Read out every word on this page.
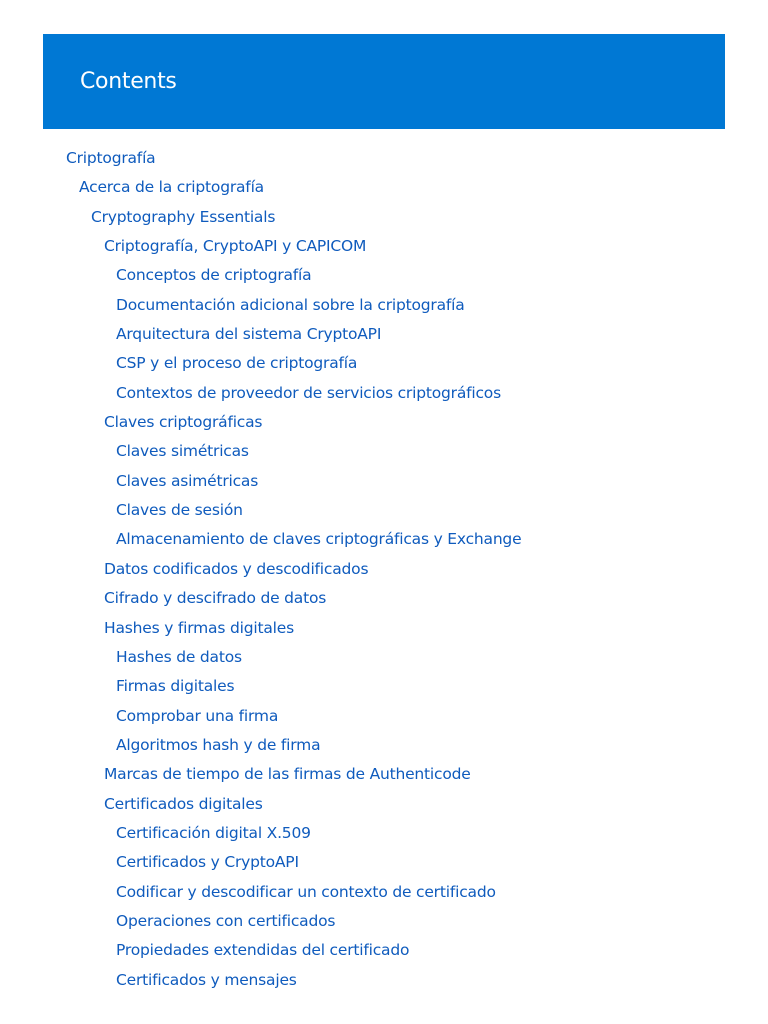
Contents
Criptografía
Acerca de la criptografía
Cryptography Essentials
Criptografía, CryptoAPI y CAPICOM
Conceptos de criptografía
Documentación adicional sobre la criptografía
Arquitectura del sistema CryptoAPI
CSP y el proceso de criptografía
Contextos de proveedor de servicios criptográficos
Claves criptográficas
Claves simétricas
Claves asimétricas
Claves de sesión
Almacenamiento de claves criptográficas y Exchange
Datos codificados y descodificados
Cifrado y descifrado de datos
Hashes y firmas digitales
Hashes de datos
Firmas digitales
Comprobar una firma
Algoritmos hash y de firma
Marcas de tiempo de las firmas de Authenticode
Certificados digitales
Certificación digital X.509
Certificados y CryptoAPI
Codificar y descodificar un contexto de certificado
Operaciones con certificados
Propiedades extendidas del certificado
Certificados y mensajes
